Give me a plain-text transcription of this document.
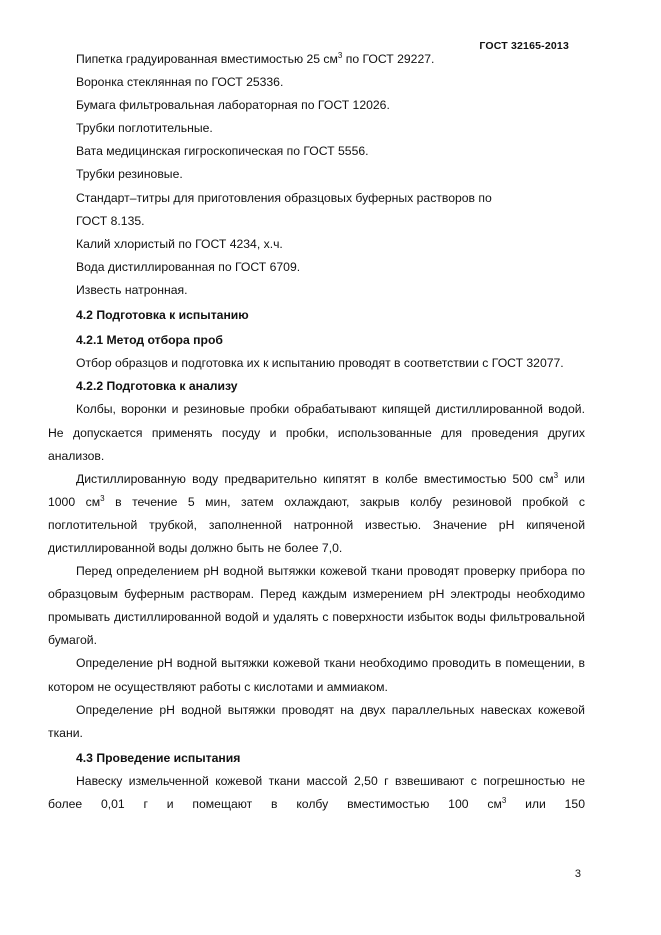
ГОСТ 32165-2013
Пипетка градуированная вместимостью 25 $см^3$ по ГОСТ 29227.
Воронка стеклянная по ГОСТ 25336.
Бумага фильтровальная лабораторная по ГОСТ 12026.
Трубки поглотительные.
Вата медицинская гигроскопическая по ГОСТ 5556.
Трубки резиновые.
Стандарт–титры для приготовления образцовых буферных растворов по
ГОСТ 8.135.
Калий хлористый по ГОСТ 4234, х.ч.
Вода дистиллированная по ГОСТ 6709.
Известь натронная.
4.2 Подготовка к испытанию
4.2.1 Метод отбора проб
Отбор образцов и подготовка их к испытанию проводят в соответствии с ГОСТ 32077.
4.2.2 Подготовка к анализу
Колбы, воронки и резиновые пробки обрабатывают кипящей дистиллированной водой. Не допускается применять посуду и пробки, использованные для проведения других анализов.
Дистиллированную воду предварительно кипятят в колбе вместимостью 500 $см^3$ или 1000 $см^3$ в течение 5 мин, затем охлаждают, закрыв колбу резиновой пробкой с поглотительной трубкой, заполненной натронной известью. Значение рН кипяченой дистиллированной воды должно быть не более 7,0.
Перед определением рН водной вытяжки кожевой ткани проводят проверку прибора по образцовым буферным растворам. Перед каждым измерением рН электроды необходимо промывать дистиллированной водой и удалять с поверхности избыток воды фильтровальной бумагой.
Определение рН водной вытяжки кожевой ткани необходимо проводить в помещении, в котором не осуществляют работы с кислотами и аммиаком.
Определение рН водной вытяжки проводят на двух параллельных навесках кожевой ткани.
4.3 Проведение испытания
Навеску измельченной кожевой ткани массой 2,50 г взвешивают с погрешностью не более 0,01 г и помещают в колбу вместимостью 100 $см^3$ или 150
3
